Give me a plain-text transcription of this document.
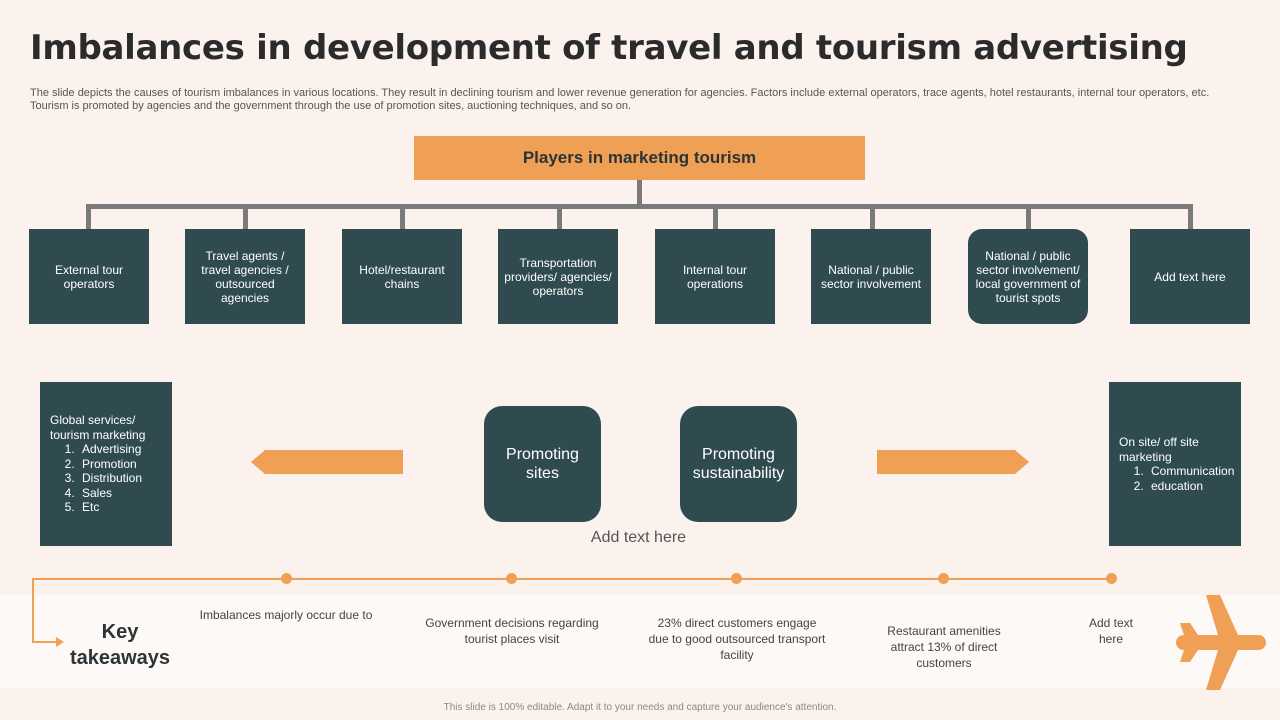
Imbalances in development of travel and tourism advertising
The slide depicts the causes of tourism imbalances in various locations. They result in declining tourism and lower revenue generation for agencies. Factors include external operators, trace agents, hotel restaurants, internal tour operators, etc. Tourism is promoted by agencies and the government through the use of promotion sites, auctioning techniques, and so on.
Players in marketing tourism
External tour operators
Travel agents / travel agencies / outsourced agencies
Hotel/restaurant chains
Transportation providers/ agencies/ operators
Internal tour operations
National / public sector involvement
National / public sector involvement/ local government of tourist spots
Add text here
Global services/ tourism marketing
1. Advertising
2. Promotion
3. Distribution
4. Sales
5. Etc
On site/ off site marketing
1. Communication
2. education
Promoting sites
Promoting sustainability
Add text here
Key takeaways
Imbalances majorly occur due to
Government decisions regarding tourist places visit
23% direct customers engage due to good outsourced transport facility
Restaurant amenities attract 13% of direct customers
Add text here
This slide is 100% editable. Adapt it to your needs and capture your audience's attention.
